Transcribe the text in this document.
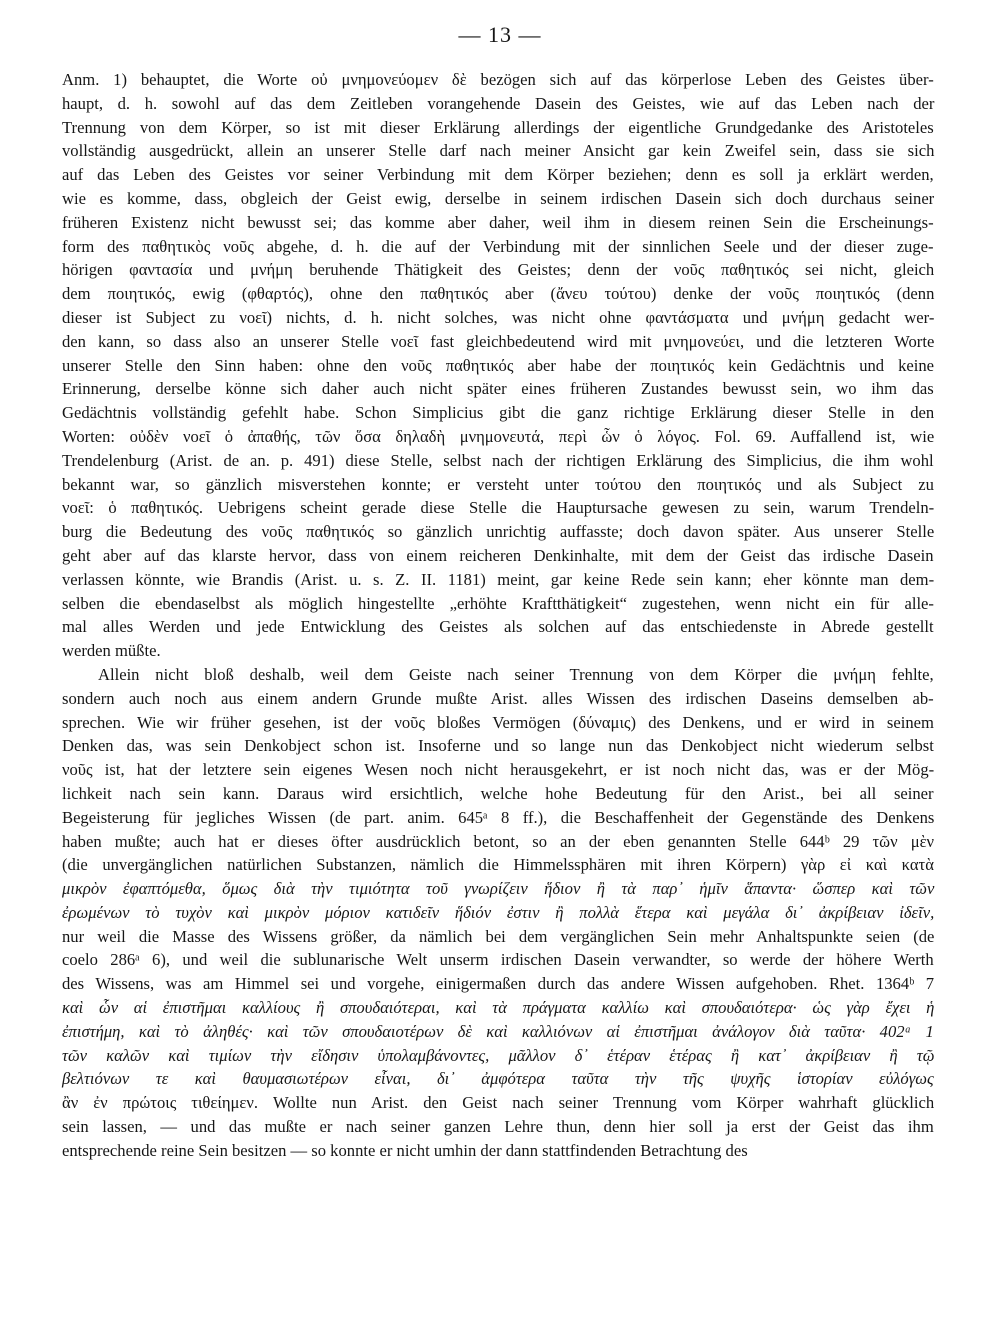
— 13 —
Anm. 1) behauptet, die Worte οὐ μνημονεύομεν δὲ bezögen sich auf das körperlose Leben des Geistes über-
haupt, d. h. sowohl auf das dem Zeitleben vorangehende Dasein des Geistes, wie auf das Leben nach der
Trennung von dem Körper, so ist mit dieser Erklärung allerdings der eigentliche Grundgedanke des Aristoteles
vollständig ausgedrückt, allein an unserer Stelle darf nach meiner Ansicht gar kein Zweifel sein, dass sie sich
auf das Leben des Geistes vor seiner Verbindung mit dem Körper beziehen; denn es soll ja erklärt werden,
wie es komme, dass, obgleich der Geist ewig, derselbe in seinem irdischen Dasein sich doch durchaus seiner
früheren Existenz nicht bewusst sei; das komme aber daher, weil ihm in diesem reinen Sein die Erscheinungs-
form des παθητικὸς νοῦς abgehe, d. h. die auf der Verbindung mit der sinnlichen Seele und der dieser zuge-
hörigen φαντασία und μνήμη beruhende Thätigkeit des Geistes; denn der νοῦς παθητικός sei nicht, gleich
dem ποιητικός, ewig (φθαρτός), ohne den παθητικός aber (ἄνευ τούτου) denke der νοῦς ποιητικός (denn
dieser ist Subject zu νοεῖ) nichts, d. h. nicht solches, was nicht ohne φαντάσματα und μνήμη gedacht wer-
den kann, so dass also an unserer Stelle νοεῖ fast gleichbedeutend wird mit μνημονεύει, und die letzteren Worte
unserer Stelle den Sinn haben: ohne den νοῦς παθητικός aber habe der ποιητικός kein Gedächtnis und keine
Erinnerung, derselbe könne sich daher auch nicht später eines früheren Zustandes bewusst sein, wo ihm das
Gedächtnis vollständig gefehlt habe. Schon Simplicius gibt die ganz richtige Erklärung dieser Stelle in den
Worten: οὐδὲν νοεῖ ὁ ἀπαθής, τῶν ὅσα δηλαδὴ μνημονευτά, περὶ ὧν ὁ λόγος. Fol. 69. Auffallend ist, wie
Trendelenburg (Arist. de an. p. 491) diese Stelle, selbst nach der richtigen Erklärung des Simplicius, die ihm wohl
bekannt war, so gänzlich misverstehen konnte; er versteht unter τούτου den ποιητικός und als Subject zu
νοεῖ: ὁ παθητικός. Uebrigens scheint gerade diese Stelle die Hauptursache gewesen zu sein, warum Trendeln-
burg die Bedeutung des νοῦς παθητικός so gänzlich unrichtig auffasste; doch davon später. Aus unserer Stelle
geht aber auf das klarste hervor, dass von einem reicheren Denkinhalte, mit dem der Geist das irdische Dasein
verlassen könnte, wie Brandis (Arist. u. s. Z. II. 1181) meint, gar keine Rede sein kann; eher könnte man dem-
selben die ebendaselbst als möglich hingestellte „erhöhte Kraftthätigkeit“ zugestehen, wenn nicht ein für alle-
mal alles Werden und jede Entwicklung des Geistes als solchen auf das entschiedenste in Abrede gestellt
werden müßte.
Allein nicht bloß deshalb, weil dem Geiste nach seiner Trennung von dem Körper die μνήμη fehlte,
sondern auch noch aus einem andern Grunde mußte Arist. alles Wissen des irdischen Daseins demselben ab-
sprechen. Wie wir früher gesehen, ist der νοῦς bloßes Vermögen (δύναμις) des Denkens, und er wird in seinem
Denken das, was sein Denkobject schon ist. Insoferne und so lange nun das Denkobject nicht wiederum selbst
νοῦς ist, hat der letztere sein eigenes Wesen noch nicht herausgekehrt, er ist noch nicht das, was er der Mög-
lichkeit nach sein kann. Daraus wird ersichtlich, welche hohe Bedeutung für den Arist., bei all seiner
Begeisterung für jegliches Wissen (de part. anim. 645ᵃ 8 ff.), die Beschaffenheit der Gegenstände des Denkens
haben mußte; auch hat er dieses öfter ausdrücklich betont, so an der eben genannten Stelle 644ᵇ 29 τῶν μὲν
(die unvergänglichen natürlichen Substanzen, nämlich die Himmelssphären mit ihren Körpern) γὰρ εἰ καὶ κατὰ
μικρὸν ἐφαπτόμεθα, ὅμως διὰ τὴν τιμιότητα τοῦ γνωρίζειν ἥδιον ἢ τὰ παρ᾽ ἡμῖν ἅπαντα· ὥσπερ καὶ τῶν
ἐρωμένων τὸ τυχὸν καὶ μικρὸν μόριον κατιδεῖν ἥδιόν ἐστιν ἢ πολλὰ ἕτερα καὶ μεγάλα δι᾽ ἀκρίβειαν ἰδεῖν,
nur weil die Masse des Wissens größer, da nämlich bei dem vergänglichen Sein mehr Anhaltspunkte seien (de
coelo 286ᵃ 6), und weil die sublunarische Welt unserm irdischen Dasein verwandter, so werde der höhere Werth
des Wissens, was am Himmel sei und vorgehe, einigermaßen durch das andere Wissen aufgehoben. Rhet. 1364ᵇ 7
καὶ ὧν αἱ ἐπιστῆμαι καλλίους ἢ σπουδαιότεραι, καὶ τὰ πράγματα καλλίω καὶ σπουδαιότερα· ὡς γὰρ ἔχει ἡ
ἐπιστήμη, καὶ τὸ ἀληθές· καὶ τῶν σπουδαιοτέρων δὲ καὶ καλλιόνων αἱ ἐπιστῆμαι ἀνάλογον διὰ ταῦτα· 402ᵃ 1
τῶν καλῶν καὶ τιμίων τὴν εἴδησιν ὑπολαμβάνοντες, μᾶλλον δ᾽ ἑτέραν ἑτέρας ἢ κατ᾽ ἀκρίβειαν ἢ τῷ
βελτιόνων τε καὶ θαυμασιωτέρων εἶναι, δι᾽ ἀμφότερα ταῦτα τὴν τῆς ψυχῆς ἱστορίαν εὐλόγως
ἂν ἐν πρώτοις τιθείημεν. Wollte nun Arist. den Geist nach seiner Trennung vom Körper wahrhaft glücklich
sein lassen, — und das mußte er nach seiner ganzen Lehre thun, denn hier soll ja erst der Geist das ihm
entsprechende reine Sein besitzen — so konnte er nicht umhin der dann stattfindenden Betrachtung des
